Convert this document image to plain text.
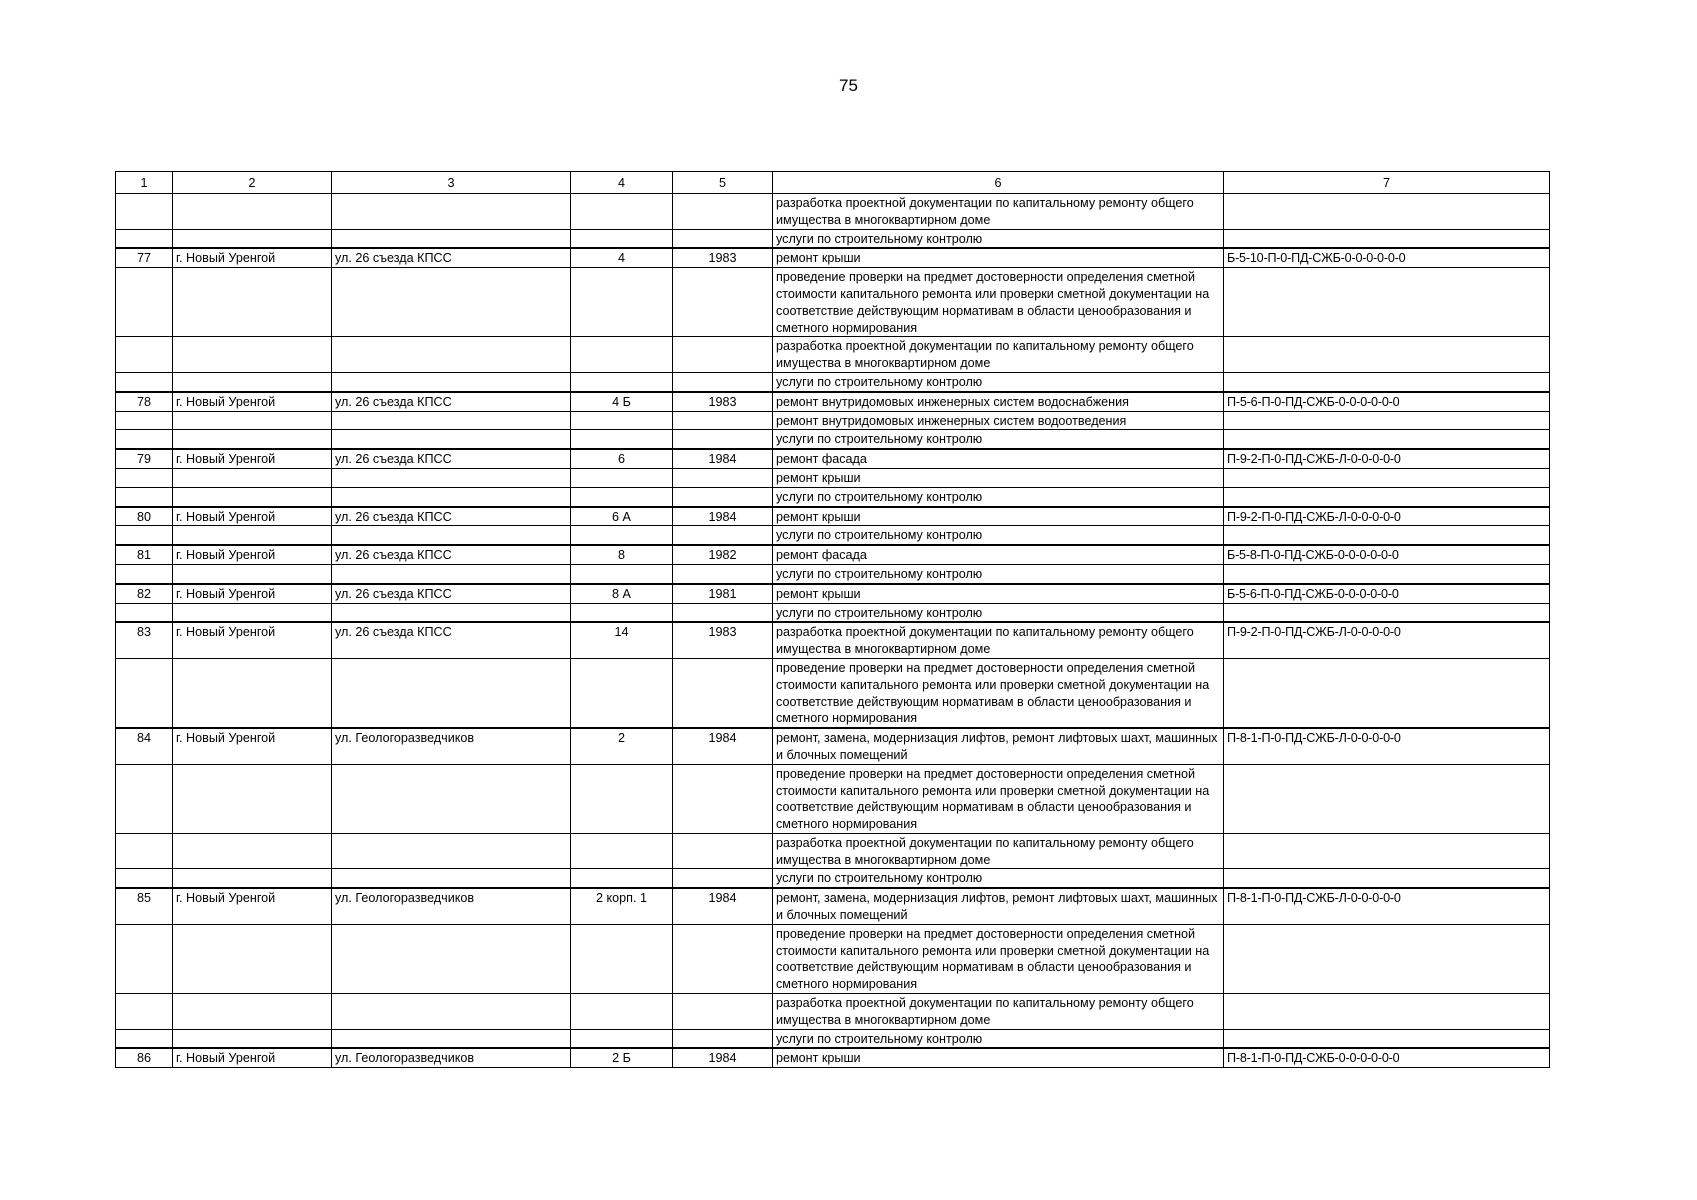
75
1	2	3	4	5	6	7
					разработка проектной документации по капитальному ремонту общего имущества в многоквартирном доме	
					услуги по строительному контролю	
77	г. Новый Уренгой	ул. 26 съезда КПСС	4	1983	ремонт крыши	Б-5-10-П-0-ПД-СЖБ-0-0-0-0-0-0
					проведение проверки на предмет достоверности определения сметной стоимости капитального ремонта или проверки сметной документации на соответствие действующим нормативам в области ценообразования и сметного нормирования	
					разработка проектной документации по капитальному ремонту общего имущества в многоквартирном доме	
					услуги по строительному контролю	
78	г. Новый Уренгой	ул. 26 съезда КПСС	4 Б	1983	ремонт внутридомовых инженерных систем водоснабжения	П-5-6-П-0-ПД-СЖБ-0-0-0-0-0-0
					ремонт внутридомовых инженерных систем водоотведения	
					услуги по строительному контролю	
79	г. Новый Уренгой	ул. 26 съезда КПСС	6	1984	ремонт фасада	П-9-2-П-0-ПД-СЖБ-Л-0-0-0-0-0
					ремонт крыши	
					услуги по строительному контролю	
80	г. Новый Уренгой	ул. 26 съезда КПСС	6 А	1984	ремонт крыши	П-9-2-П-0-ПД-СЖБ-Л-0-0-0-0-0
					услуги по строительному контролю	
81	г. Новый Уренгой	ул. 26 съезда КПСС	8	1982	ремонт фасада	Б-5-8-П-0-ПД-СЖБ-0-0-0-0-0-0
					услуги по строительному контролю	
82	г. Новый Уренгой	ул. 26 съезда КПСС	8 А	1981	ремонт крыши	Б-5-6-П-0-ПД-СЖБ-0-0-0-0-0-0
					услуги по строительному контролю	
83	г. Новый Уренгой	ул. 26 съезда КПСС	14	1983	разработка проектной документации по капитальному ремонту общего имущества в многоквартирном доме	П-9-2-П-0-ПД-СЖБ-Л-0-0-0-0-0
					проведение проверки на предмет достоверности определения сметной стоимости капитального ремонта или проверки сметной документации на соответствие действующим нормативам в области ценообразования и сметного нормирования	
84	г. Новый Уренгой	ул. Геологоразведчиков	2	1984	ремонт, замена, модернизация лифтов, ремонт лифтовых шахт, машинных и блочных помещений	П-8-1-П-0-ПД-СЖБ-Л-0-0-0-0-0
					проведение проверки на предмет достоверности определения сметной стоимости капитального ремонта или проверки сметной документации на соответствие действующим нормативам в области ценообразования и сметного нормирования	
					разработка проектной документации по капитальному ремонту общего имущества в многоквартирном доме	
					услуги по строительному контролю	
85	г. Новый Уренгой	ул. Геологоразведчиков	2 корп. 1	1984	ремонт, замена, модернизация лифтов, ремонт лифтовых шахт, машинных и блочных помещений	П-8-1-П-0-ПД-СЖБ-Л-0-0-0-0-0
					проведение проверки на предмет достоверности определения сметной стоимости капитального ремонта или проверки сметной документации на соответствие действующим нормативам в области ценообразования и сметного нормирования	
					разработка проектной документации по капитальному ремонту общего имущества в многоквартирном доме	
					услуги по строительному контролю	
86	г. Новый Уренгой	ул. Геологоразведчиков	2 Б	1984	ремонт крыши	П-8-1-П-0-ПД-СЖБ-0-0-0-0-0-0
